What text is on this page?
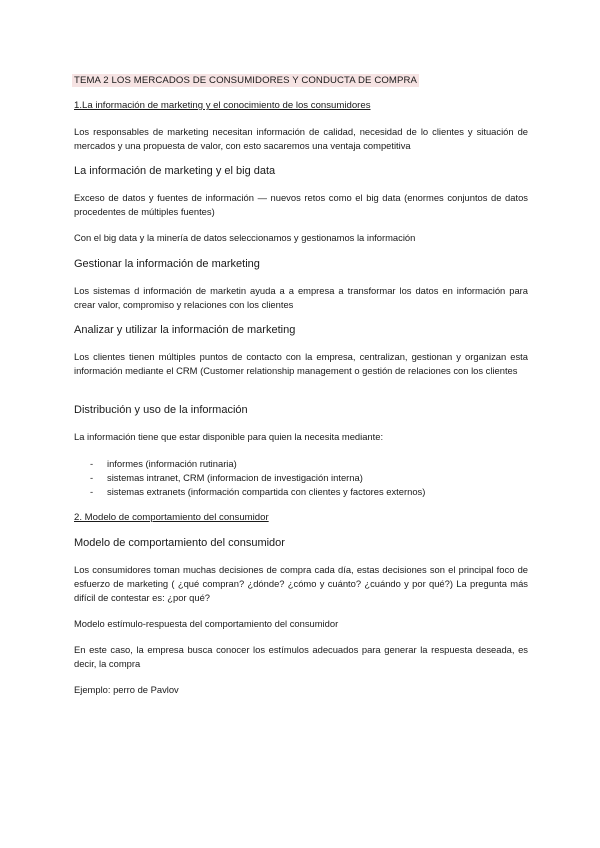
TEMA 2 LOS MERCADOS DE CONSUMIDORES Y CONDUCTA DE COMPRA
1.La información de marketing y el conocimiento de los consumidores
Los responsables de marketing necesitan información de calidad, necesidad de lo clientes y situación de mercados y una propuesta de valor, con esto sacaremos una ventaja competitiva
La información de marketing y el big data
Exceso de datos y fuentes de información — nuevos retos como el big data (enormes conjuntos de datos procedentes de múltiples fuentes)
Con el big data y la minería de datos seleccionamos y gestionamos la información
Gestionar la información de marketing
Los sistemas d información de marketin ayuda a a empresa a transformar los datos en información para crear valor, compromiso y relaciones con los clientes
Analizar y utilizar la información de marketing
Los clientes tienen múltiples puntos de contacto con la empresa, centralizan, gestionan y organizan esta información mediante el CRM (Customer relationship management o gestión de relaciones con los clientes
Distribución y uso de la información
La información tiene que estar disponible para quien la necesita mediante:
- informes (información rutinaria)
- sistemas intranet, CRM (informacion de investigación interna)
- sistemas extranets (información compartida con clientes y factores externos)
2. Modelo de comportamiento del consumidor
Modelo de comportamiento del consumidor
Los consumidores toman muchas decisiones de compra cada día, estas decisiones son el principal foco de esfuerzo de marketing ( ¿qué compran? ¿dónde? ¿cómo y cuánto? ¿cuándo y por qué?) La pregunta más difícil de contestar es: ¿por qué?
Modelo estímulo-respuesta del comportamiento del consumidor
En este caso, la empresa busca conocer los estímulos adecuados para generar la respuesta deseada, es decir, la compra
Ejemplo: perro de Pavlov
